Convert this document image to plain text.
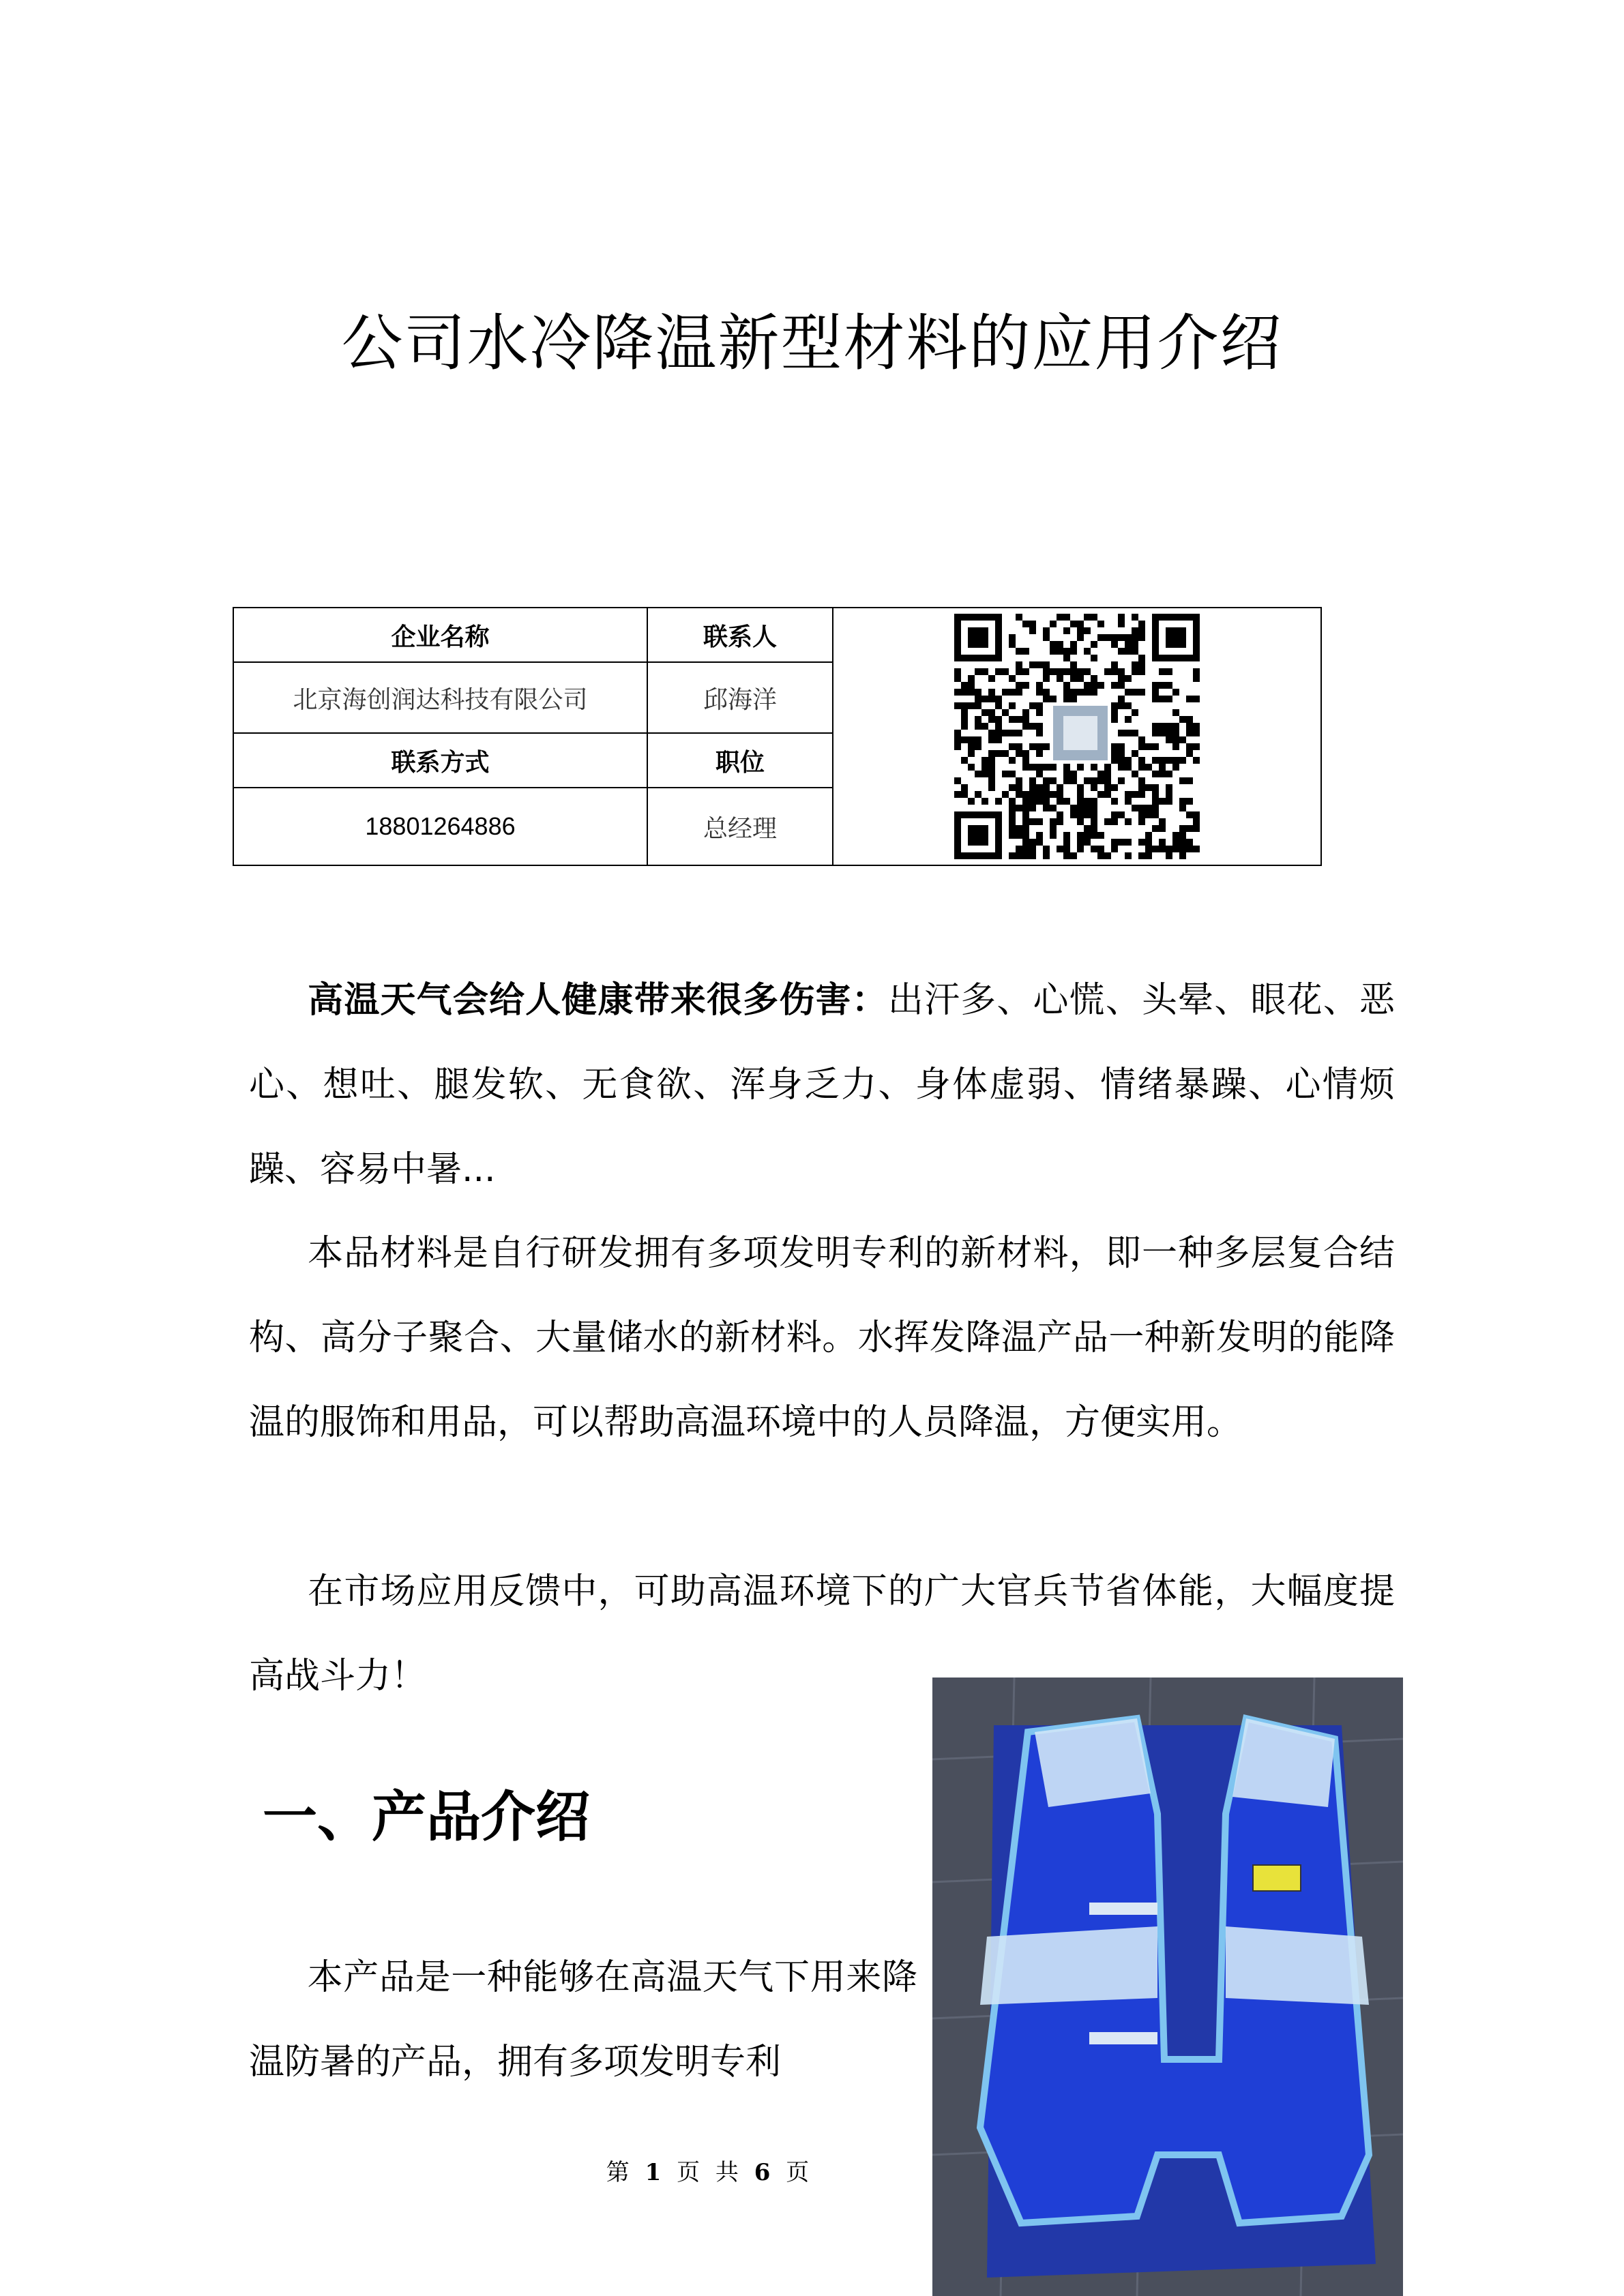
公司水冷降温新型材料的应用介绍
企业名称	联系人	

北京海创润达科技有限公司	邱海洋	
联系方式	职位	
18801264886	总经理	

高温天气会给人健康带来很多伤害：出汗多、心慌、头晕、眼花、恶心、想吐、腿发软、无食欲、浑身乏力、身体虚弱、情绪暴躁、心情烦躁、容易中暑...

本品材料是自行研发拥有多项发明专利的新材料，即一种多层复合结构、高分子聚合、大量储水的新材料。水挥发降温产品一种新发明的能降温的服饰和用品，可以帮助高温环境中的人员降温，方便实用。

在市场应用反馈中，可助高温环境下的广大官兵节省体能，大幅度提高战斗力！

一、产品介绍

本产品是一种能够在高温天气下用来降温防暑的产品，拥有多项发明专利

第 1 页 共 6 页
